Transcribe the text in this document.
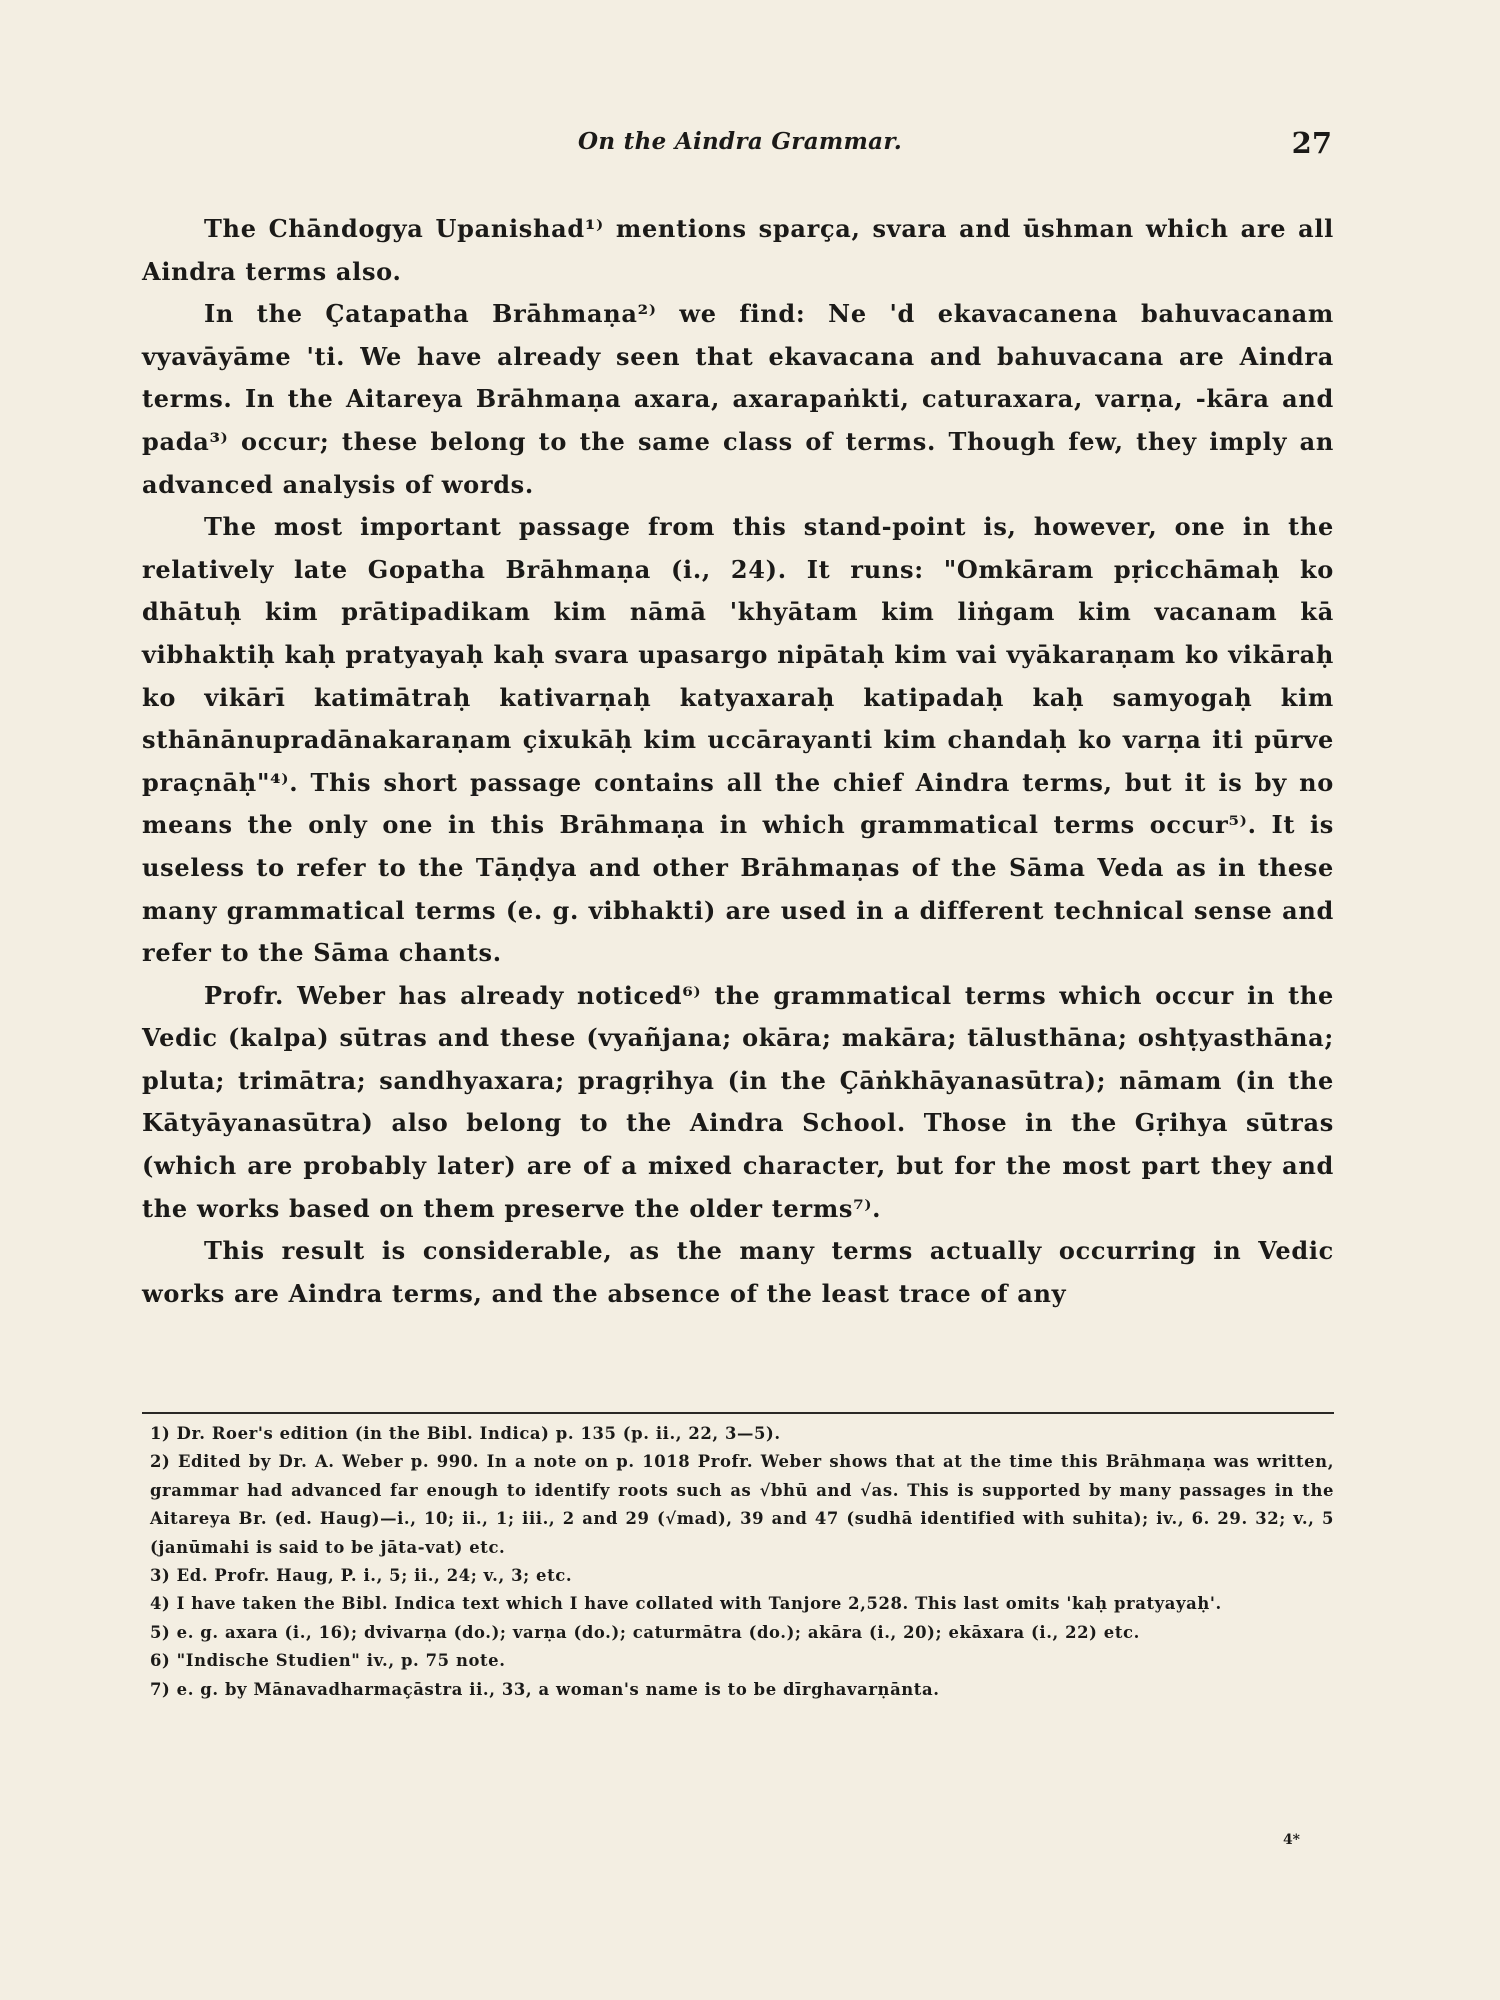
On the Aindra Grammar.	27

The Chāndogya Upanishad¹⁾ mentions sparça, svara and ūshman which are all Aindra terms also.

In the Çatapatha Brāhmaṇa²⁾ we find: Ne 'd ekavacanena bahuvacanam vyavāyāme 'ti. We have already seen that ekavacana and bahuvacana are Aindra terms. In the Aitareya Brāhmaṇa axara, axarapaṅkti, caturaxara, varṇa, -kāra and pada³⁾ occur; these belong to the same class of terms. Though few, they imply an advanced analysis of words.

The most important passage from this stand-point is, however, one in the relatively late Gopatha Brāhmaṇa (i., 24). It runs: "Omkāram pṛicchāmaḥ ko dhātuḥ kim prātipadikam kim nāmā 'khyātam kim liṅgam kim vacanam kā vibhaktiḥ kaḥ pratyayaḥ kaḥ svara upasargo nipātaḥ kim vai vyākaraṇam ko vikāraḥ ko vikārī katimātraḥ kativarṇaḥ katyaxaraḥ katipadaḥ kaḥ samyogaḥ kim sthānānupradānakaraṇam çixukāḥ kim uccārayanti kim chandaḥ ko varṇa iti pūrve praçnāḥ"⁴⁾. This short passage contains all the chief Aindra terms, but it is by no means the only one in this Brāhmaṇa in which grammatical terms occur⁵⁾. It is useless to refer to the Tāṇḍya and other Brāhmaṇas of the Sāma Veda as in these many grammatical terms (e. g. vibhakti) are used in a different technical sense and refer to the Sāma chants.

Profr. Weber has already noticed⁶⁾ the grammatical terms which occur in the Vedic (kalpa) sūtras and these (vyañjana; okāra; makāra; tālusthāna; oshṭyasthāna; pluta; trimātra; sandhyaxara; pragṛihya (in the Çāṅkhāyanasūtra); nāmam (in the Kātyāyanasūtra) also belong to the Aindra School. Those in the Gṛihya sūtras (which are probably later) are of a mixed character, but for the most part they and the works based on them preserve the older terms⁷⁾.

This result is considerable, as the many terms actually occurring in Vedic works are Aindra terms, and the absence of the least trace of any

1) Dr. Roer's edition (in the Bibl. Indica) p. 135 (p. ii., 22, 3—5).

2) Edited by Dr. A. Weber p. 990. In a note on p. 1018 Profr. Weber shows that at the time this Brāhmaṇa was written, grammar had advanced far enough to identify roots such as √bhū and √as. This is supported by many passages in the Aitareya Br. (ed. Haug)—i., 10; ii., 1; iii., 2 and 29 (√mad), 39 and 47 (sudhā identified with suhita); iv., 6. 29. 32; v., 5 (janūmahi is said to be jāta-vat) etc.

3) Ed. Profr. Haug, P. i., 5; ii., 24; v., 3; etc.

4) I have taken the Bibl. Indica text which I have collated with Tanjore 2,528. This last omits 'kaḥ pratyayaḥ'.

5) e. g. axara (i., 16); dvivarṇa (do.); varṇa (do.); caturmātra (do.); akāra (i., 20); ekāxara (i., 22) etc.

6) "Indische Studien" iv., p. 75 note.

7) e. g. by Mānavadharmaçāstra ii., 33, a woman's name is to be dīrghavarṇānta.

4*
